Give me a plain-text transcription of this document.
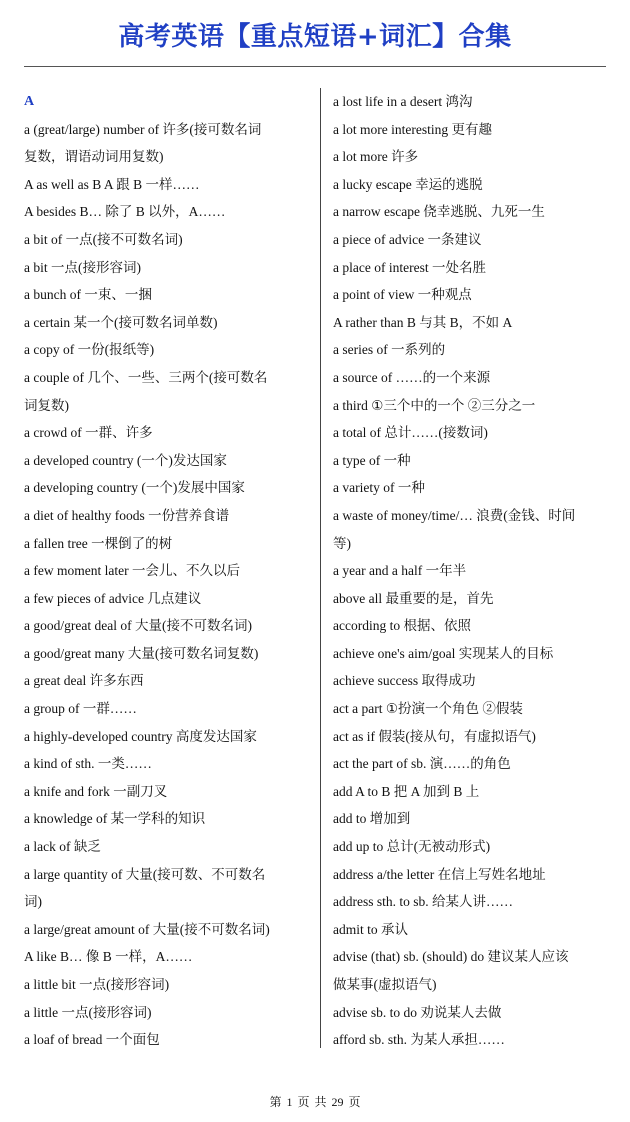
高考英语【重点短语+词汇】合集
A
a (great/large) number of 许多(接可数名词
复数，谓语动词用复数)
A as well as B A 跟 B 一样……
A besides B… 除了 B 以外，A……
a bit of 一点(接不可数名词)
a bit 一点(接形容词)
a bunch of 一束、一捆
a certain 某一个(接可数名词单数)
a copy of 一份(报纸等)
a couple of 几个、一些、三两个(接可数名
词复数)
a crowd of 一群、许多
a developed country (一个)发达国家
a developing country (一个)发展中国家
a diet of healthy foods 一份营养食谱
a fallen tree 一棵倒了的树
a few moment later 一会儿、不久以后
a few pieces of advice 几点建议
a good/great deal of 大量(接不可数名词)
a good/great many 大量(接可数名词复数)
a great deal 许多东西
a group of 一群……
a highly-developed country 高度发达国家
a kind of sth. 一类……
a knife and fork 一副刀叉
a knowledge of 某一学科的知识
a lack of 缺乏
a large quantity of 大量(接可数、不可数名
词)
a large/great amount of 大量(接不可数名词)
A like B… 像 B 一样，A……
a little bit 一点(接形容词)
a little 一点(接形容词)
a loaf of bread 一个面包
a lost life in a desert 鸿沟
a lot more interesting 更有趣
a lot more 许多
a lucky escape 幸运的逃脱
a narrow escape 侥幸逃脱、九死一生
a piece of advice 一条建议
a place of interest 一处名胜
a point of view 一种观点
A rather than B 与其 B，不如 A
a series of 一系列的
a source of ……的一个来源
a third ①三个中的一个 ②三分之一
a total of 总计……(接数词)
a type of 一种
a variety of 一种
a waste of money/time/… 浪费(金钱、时间
等)
a year and a half 一年半
above all 最重要的是，首先
according to 根据、依照
achieve one's aim/goal 实现某人的目标
achieve success 取得成功
act a part ①扮演一个角色 ②假装
act as if 假装(接从句，有虚拟语气)
act the part of sb. 演……的角色
add A to B 把 A 加到 B 上
add to 增加到
add up to 总计(无被动形式)
address a/the letter 在信上写姓名地址
address sth. to sb. 给某人讲……
admit to 承认
advise (that) sb. (should) do 建议某人应该
做某事(虚拟语气)
advise sb. to do 劝说某人去做
afford sb. sth. 为某人承担……
第 1 页 共 29 页
